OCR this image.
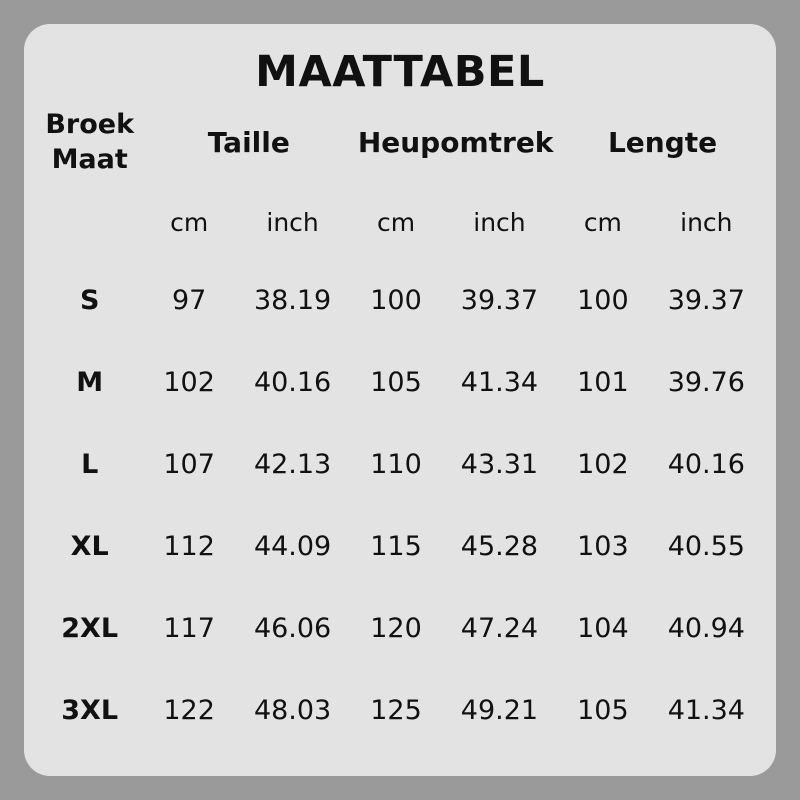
MAATTABEL
Broek
Maat	Taille		Heupomtrek		Lengte	
	cm	inch	cm	inch	cm	inch
S	97	38.19	100	39.37	100	39.37
M	102	40.16	105	41.34	101	39.76
L	107	42.13	110	43.31	102	40.16
XL	112	44.09	115	45.28	103	40.55
2XL	117	46.06	120	47.24	104	40.94
3XL	122	48.03	125	49.21	105	41.34
